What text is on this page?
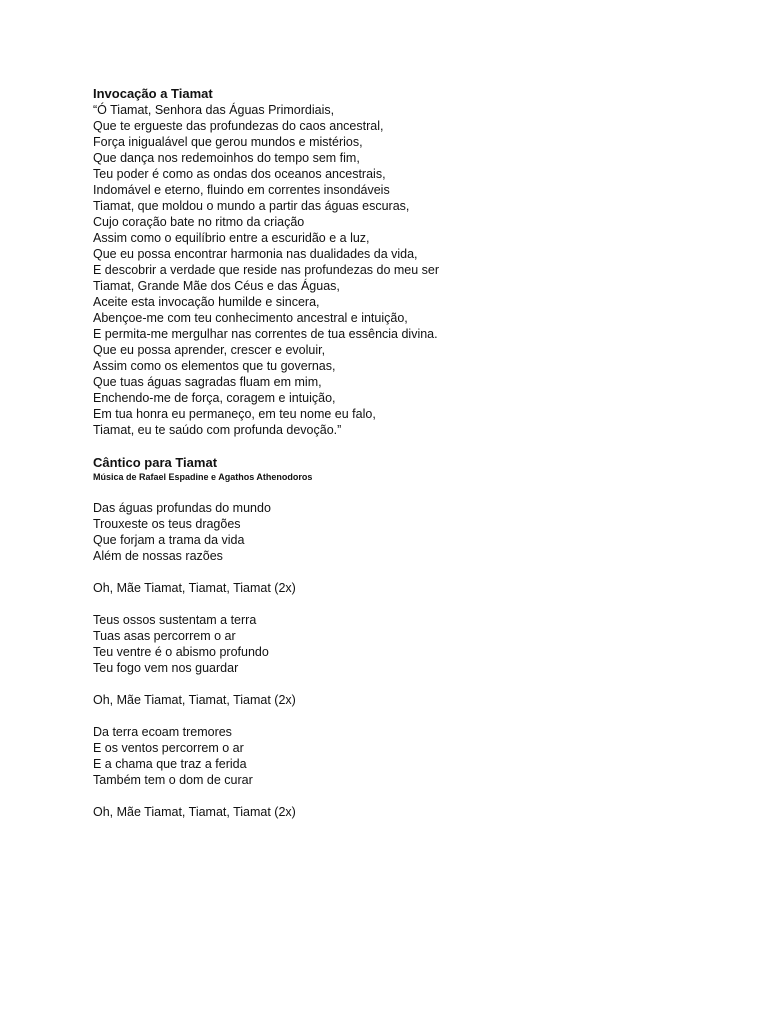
Invocação a Tiamat

“Ó Tiamat, Senhora das Águas Primordiais,

Que te ergueste das profundezas do caos ancestral,

Força inigualável que gerou mundos e mistérios,

Que dança nos redemoinhos do tempo sem fim,

Teu poder é como as ondas dos oceanos ancestrais,

Indomável e eterno, fluindo em correntes insondáveis

Tiamat, que moldou o mundo a partir das águas escuras,

Cujo coração bate no ritmo da criação

Assim como o equilíbrio entre a escuridão e a luz,

Que eu possa encontrar harmonia nas dualidades da vida,

E descobrir a verdade que reside nas profundezas do meu ser

Tiamat, Grande Mãe dos Céus e das Águas,

Aceite esta invocação humilde e sincera,

Abençoe-me com teu conhecimento ancestral e intuição,

E permita-me mergulhar nas correntes de tua essência divina.

Que eu possa aprender, crescer e evoluir,

Assim como os elementos que tu governas,

Que tuas águas sagradas fluam em mim,

Enchendo-me de força, coragem e intuição,

Em tua honra eu permaneço, em teu nome eu falo,

Tiamat, eu te saúdo com profunda devoção.”

Cântico para Tiamat

Música de Rafael Espadine e Agathos Athenodoros

Das águas profundas do mundo

Trouxeste os teus dragões

Que forjam a trama da vida

Além de nossas razões

Oh, Mãe Tiamat, Tiamat, Tiamat (2x)

Teus ossos sustentam a terra

Tuas asas percorrem o ar

Teu ventre é o abismo profundo

Teu fogo vem nos guardar

Oh, Mãe Tiamat, Tiamat, Tiamat (2x)

Da terra ecoam tremores

E os ventos percorrem o ar

E a chama que traz a ferida

Também tem o dom de curar

Oh, Mãe Tiamat, Tiamat, Tiamat (2x)
